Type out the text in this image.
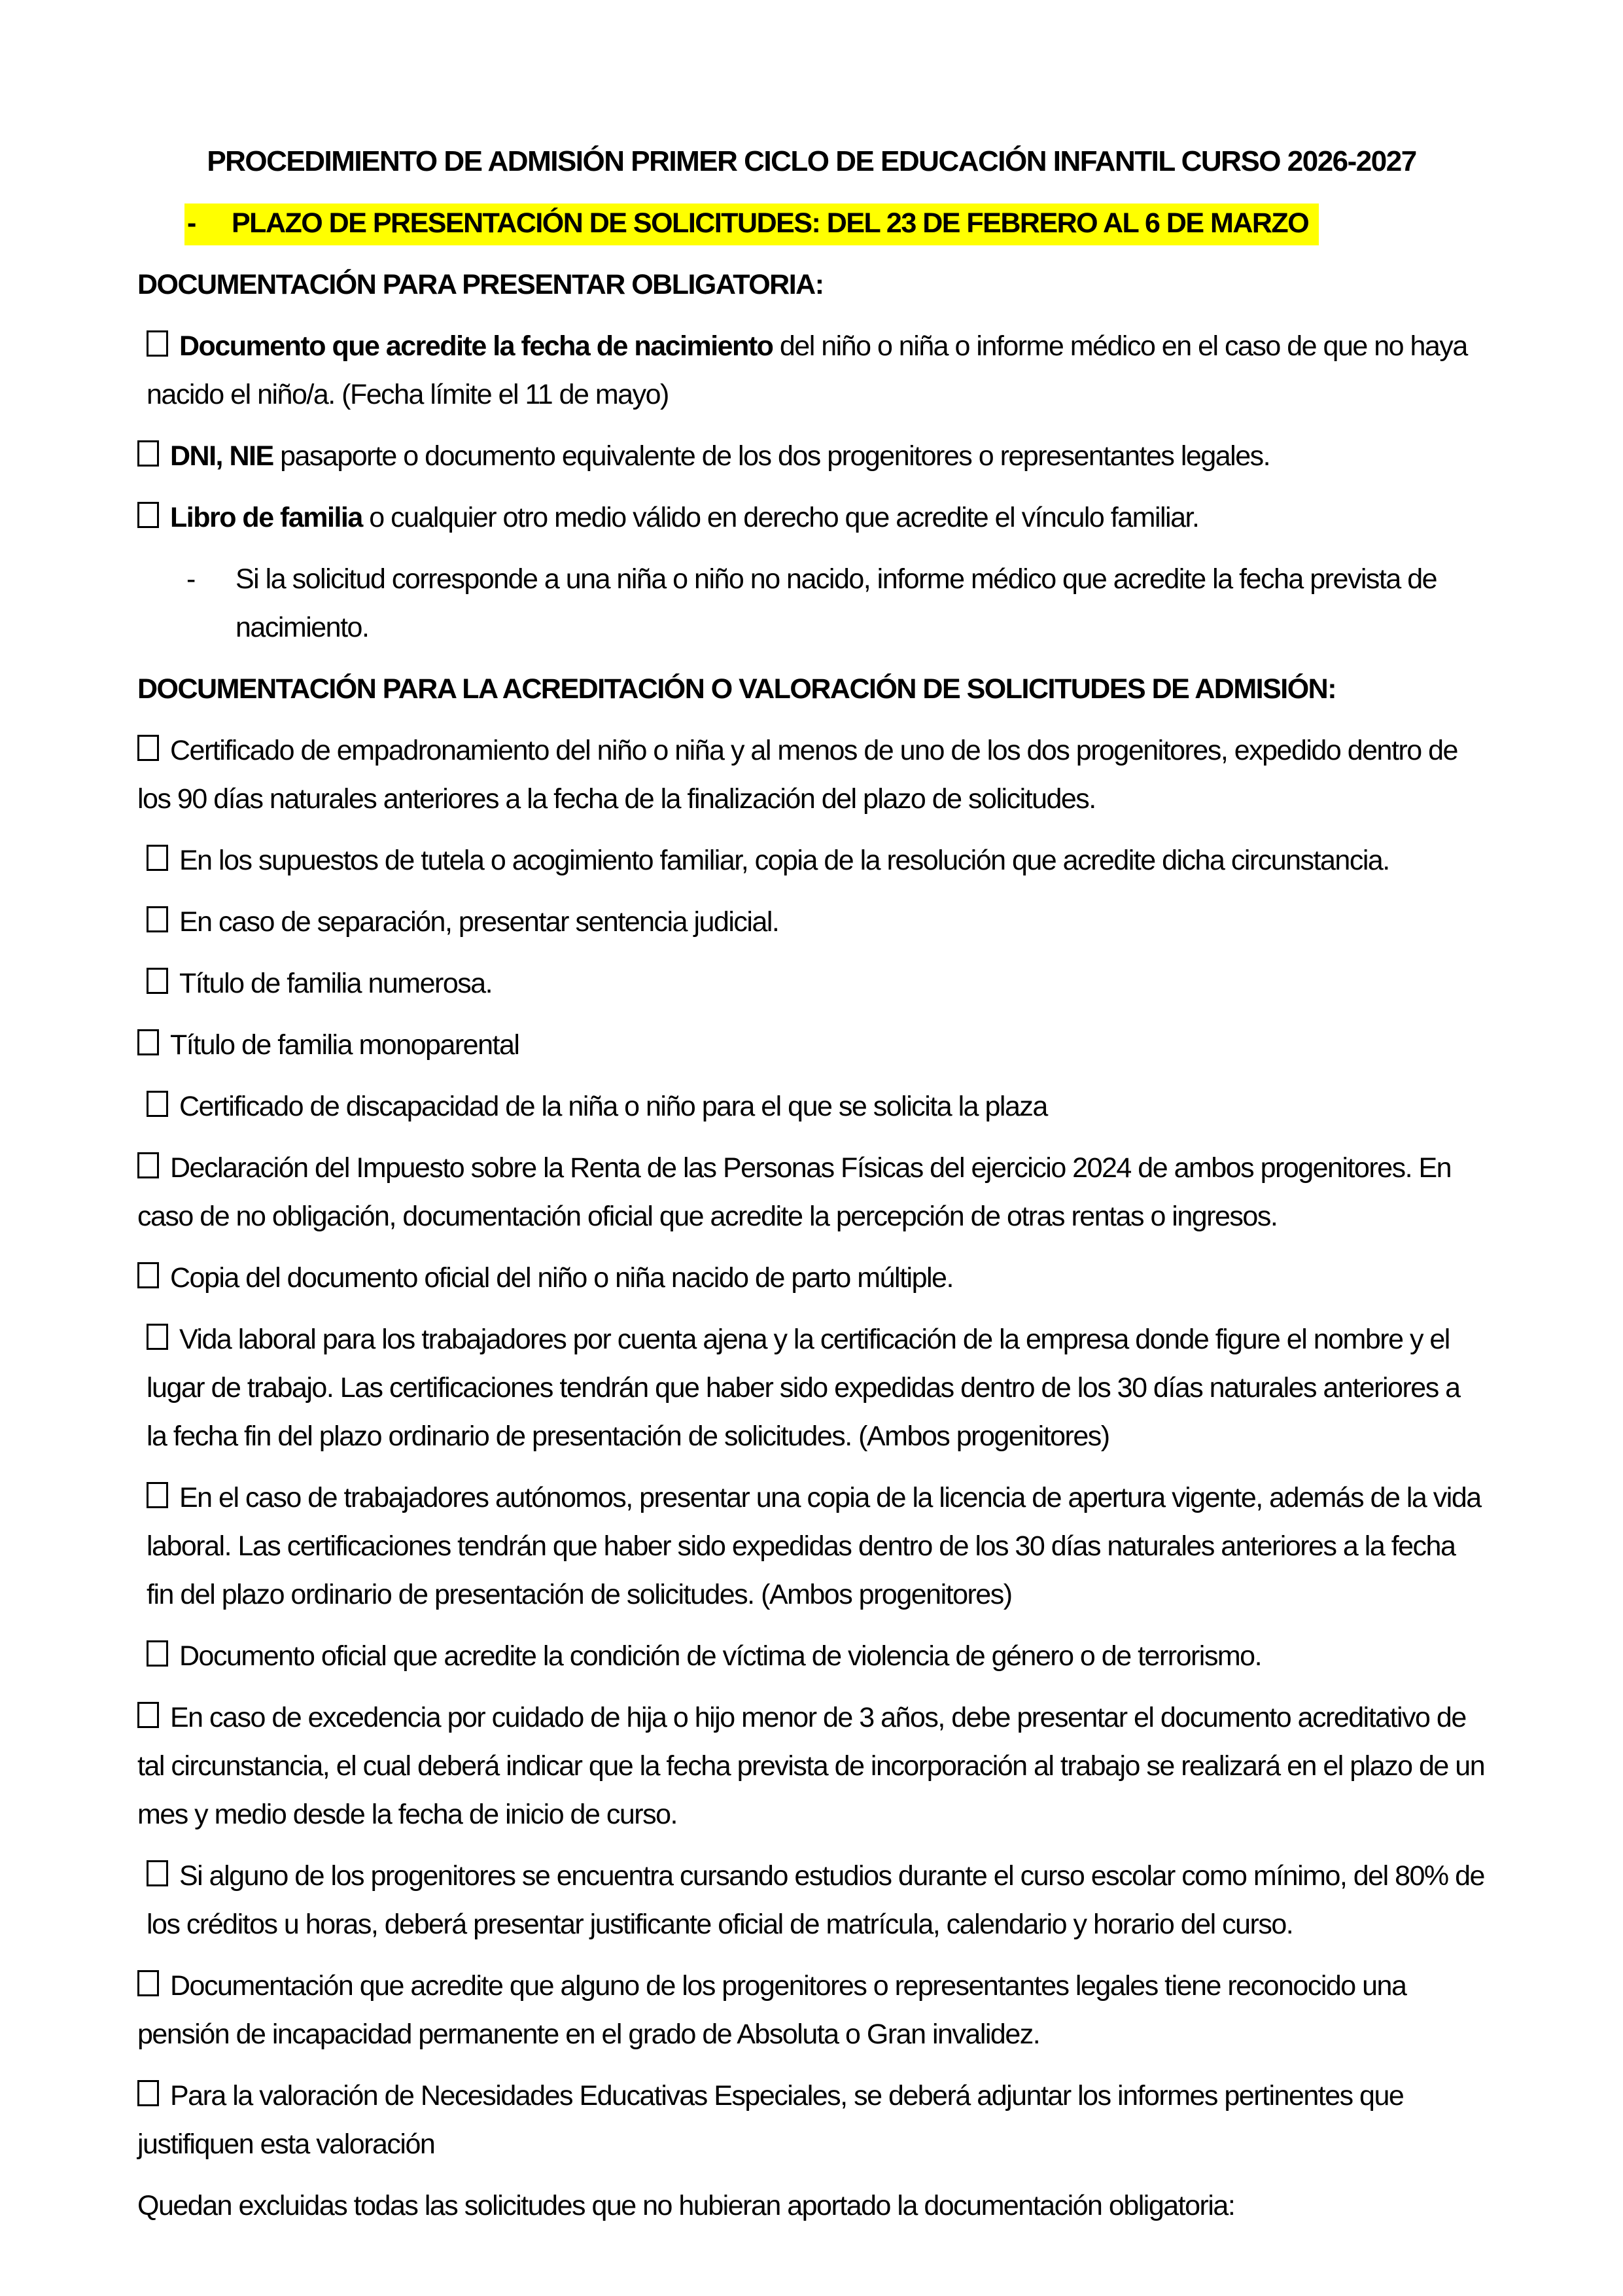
PROCEDIMIENTO DE ADMISIÓN PRIMER CICLO DE EDUCACIÓN INFANTIL CURSO 2026-2027
- PLAZO DE PRESENTACIÓN DE SOLICITUDES: DEL 23 DE FEBRERO AL 6 DE MARZO
DOCUMENTACIÓN PARA PRESENTAR OBLIGATORIA:

Documento que acredite la fecha de nacimiento del niño o niña o informe médico en el caso de que no haya nacido el niño/a. (Fecha límite el 11 de mayo)

DNI, NIE pasaporte o documento equivalente de los dos progenitores o representantes legales.

Libro de familia o cualquier otro medio válido en derecho que acredite el vínculo familiar.

- Si la solicitud corresponde a una niña o niño no nacido, informe médico que acredite la fecha prevista de nacimiento.

DOCUMENTACIÓN PARA LA ACREDITACIÓN O VALORACIÓN DE SOLICITUDES DE ADMISIÓN:

Certificado de empadronamiento del niño o niña y al menos de uno de los dos progenitores, expedido dentro de los 90 días naturales anteriores a la fecha de la finalización del plazo de solicitudes.

En los supuestos de tutela o acogimiento familiar, copia de la resolución que acredite dicha circunstancia.

En caso de separación, presentar sentencia judicial.

Título de familia numerosa.

Título de familia monoparental

Certificado de discapacidad de la niña o niño para el que se solicita la plaza

Declaración del Impuesto sobre la Renta de las Personas Físicas del ejercicio 2024 de ambos progenitores. En caso de no obligación, documentación oficial que acredite la percepción de otras rentas o ingresos.

Copia del documento oficial del niño o niña nacido de parto múltiple.

Vida laboral para los trabajadores por cuenta ajena y la certificación de la empresa donde figure el nombre y el lugar de trabajo. Las certificaciones tendrán que haber sido expedidas dentro de los 30 días naturales anteriores a la fecha fin del plazo ordinario de presentación de solicitudes. (Ambos progenitores)

En el caso de trabajadores autónomos, presentar una copia de la licencia de apertura vigente, además de la vida laboral. Las certificaciones tendrán que haber sido expedidas dentro de los 30 días naturales anteriores a la fecha fin del plazo ordinario de presentación de solicitudes. (Ambos progenitores)

Documento oficial que acredite la condición de víctima de violencia de género o de terrorismo.

En caso de excedencia por cuidado de hija o hijo menor de 3 años, debe presentar el documento acreditativo de tal circunstancia, el cual deberá indicar que la fecha prevista de incorporación al trabajo se realizará en el plazo de un mes y medio desde la fecha de inicio de curso.

Si alguno de los progenitores se encuentra cursando estudios durante el curso escolar como mínimo, del 80% de los créditos u horas, deberá presentar justificante oficial de matrícula, calendario y horario del curso.

Documentación que acredite que alguno de los progenitores o representantes legales tiene reconocido una pensión de incapacidad permanente en el grado de Absoluta o Gran invalidez.

Para la valoración de Necesidades Educativas Especiales, se deberá adjuntar los informes pertinentes que justifiquen esta valoración

Quedan excluidas todas las solicitudes que no hubieran aportado la documentación obligatoria:
